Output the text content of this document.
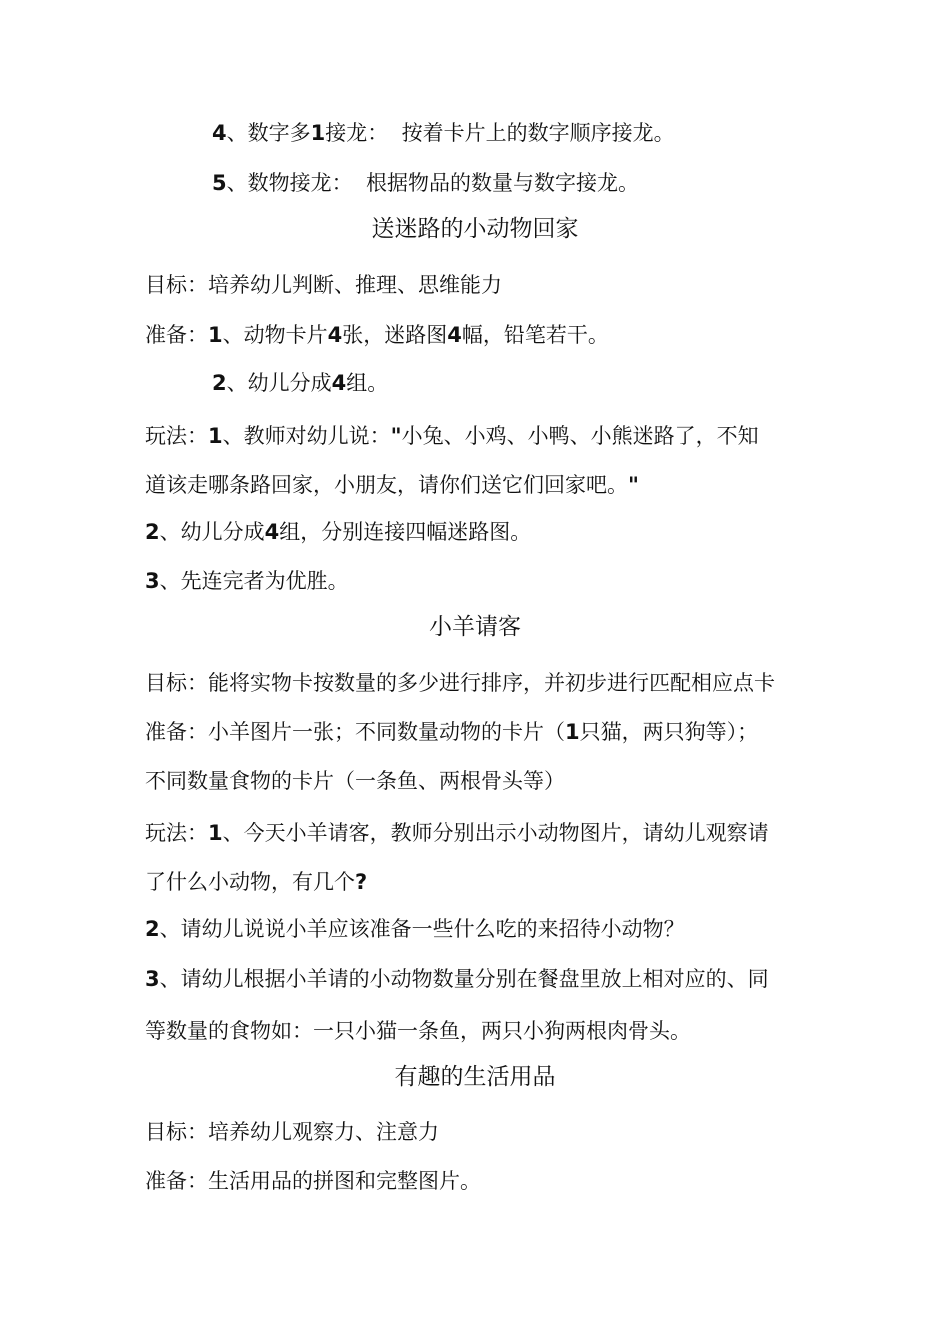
4、数字多1接龙：  按着卡片上的数字顺序接龙。
5、数物接龙：  根据物品的数量与数字接龙。
送迷路的小动物回家
目标：培养幼儿判断、推理、思维能力
准备：1、动物卡片4张，迷路图4幅，铅笔若干。
2、幼儿分成4组。
玩法：1、教师对幼儿说："小兔、小鸡、小鸭、小熊迷路了，不知
道该走哪条路回家，小朋友，请你们送它们回家吧。"
2、幼儿分成4组，分别连接四幅迷路图。
3、先连完者为优胜。
小羊请客
目标：能将实物卡按数量的多少进行排序，并初步进行匹配相应点卡
准备：小羊图片一张；不同数量动物的卡片（1只猫，两只狗等）；
不同数量食物的卡片（一条鱼、两根骨头等）
玩法：1、今天小羊请客，教师分别出示小动物图片，请幼儿观察请
了什么小动物，有几个?
2、请幼儿说说小羊应该准备一些什么吃的来招待小动物？
3、请幼儿根据小羊请的小动物数量分别在餐盘里放上相对应的、同
等数量的食物如：一只小猫一条鱼，两只小狗两根肉骨头。
有趣的生活用品
目标：培养幼儿观察力、注意力
准备：生活用品的拼图和完整图片。
